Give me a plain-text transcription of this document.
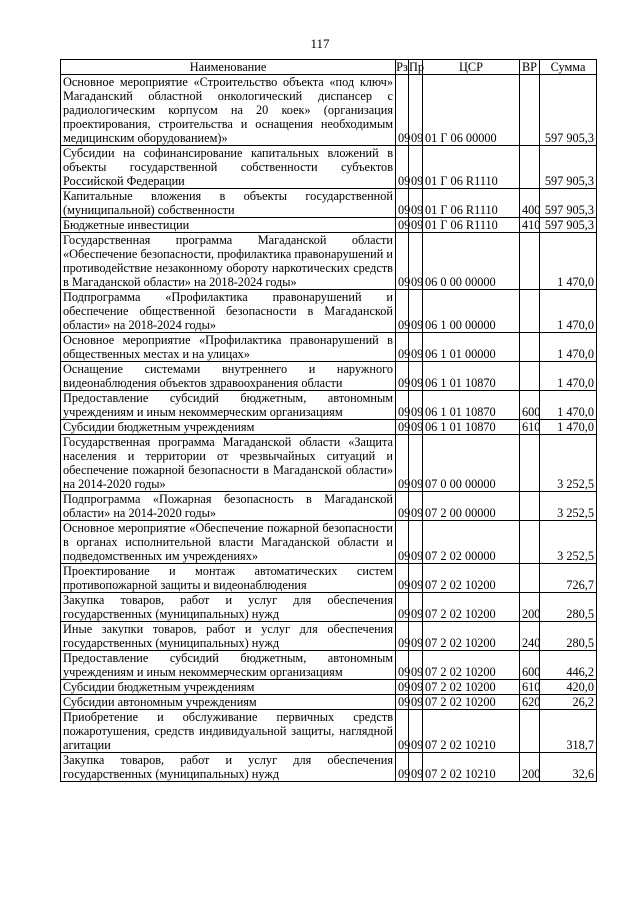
117
Наименование	Рз	Пр	ЦСР	ВР	Сумма
Основное мероприятие «Строительство объекта «под ключ» Магаданский областной онкологический диспансер с радиологическим корпусом на 20 коек» (организация проектирования, строительства и оснащения необходимым медицинским оборудованием)»	09	09	01 Г 06 00000		597 905,3
Субсидии на софинансирование капитальных вложений в объекты государственной собственности субъектов Российской Федерации	09	09	01 Г 06 R1110		597 905,3
Капитальные вложения в объекты государственной (муниципальной) собственности	09	09	01 Г 06 R1110	400	597 905,3
Бюджетные инвестиции	09	09	01 Г 06 R1110	410	597 905,3
Государственная программа Магаданской области «Обеспечение безопасности, профилактика правонарушений и противодействие незаконному обороту наркотических средств в Магаданской области» на 2018-2024 годы»	09	09	06 0 00 00000		1 470,0
Подпрограмма «Профилактика правонарушений и обеспечение общественной безопасности в Магаданской области» на 2018-2024 годы»	09	09	06 1 00 00000		1 470,0
Основное мероприятие «Профилактика правонарушений в общественных местах и на улицах»	09	09	06 1 01 00000		1 470,0
Оснащение системами внутреннего и наружного видеонаблюдения объектов здравоохранения области	09	09	06 1 01 10870		1 470,0
Предоставление субсидий бюджетным, автономным учреждениям и иным некоммерческим организациям	09	09	06 1 01 10870	600	1 470,0
Субсидии бюджетным учреждениям	09	09	06 1 01 10870	610	1 470,0
Государственная программа Магаданской области «Защита населения и территории от чрезвычайных ситуаций и обеспечение пожарной безопасности в Магаданской области» на 2014-2020 годы»	09	09	07 0 00 00000		3 252,5
Подпрограмма «Пожарная безопасность в Магаданской области» на 2014-2020 годы»	09	09	07 2 00 00000		3 252,5
Основное мероприятие «Обеспечение пожарной безопасности в органах исполнительной власти Магаданской области и подведомственных им учреждениях»	09	09	07 2 02 00000		3 252,5
Проектирование и монтаж автоматических систем противопожарной защиты и видеонаблюдения	09	09	07 2 02 10200		726,7
Закупка товаров, работ и услуг для обеспечения государственных (муниципальных) нужд	09	09	07 2 02 10200	200	280,5
Иные закупки товаров, работ и услуг для обеспечения государственных (муниципальных) нужд	09	09	07 2 02 10200	240	280,5
Предоставление субсидий бюджетным, автономным учреждениям и иным некоммерческим организациям	09	09	07 2 02 10200	600	446,2
Субсидии бюджетным учреждениям	09	09	07 2 02 10200	610	420,0
Субсидии автономным учреждениям	09	09	07 2 02 10200	620	26,2
Приобретение и обслуживание первичных средств пожаротушения, средств индивидуальной защиты, наглядной агитации	09	09	07 2 02 10210		318,7
Закупка товаров, работ и услуг для обеспечения государственных (муниципальных) нужд	09	09	07 2 02 10210	200	32,6
